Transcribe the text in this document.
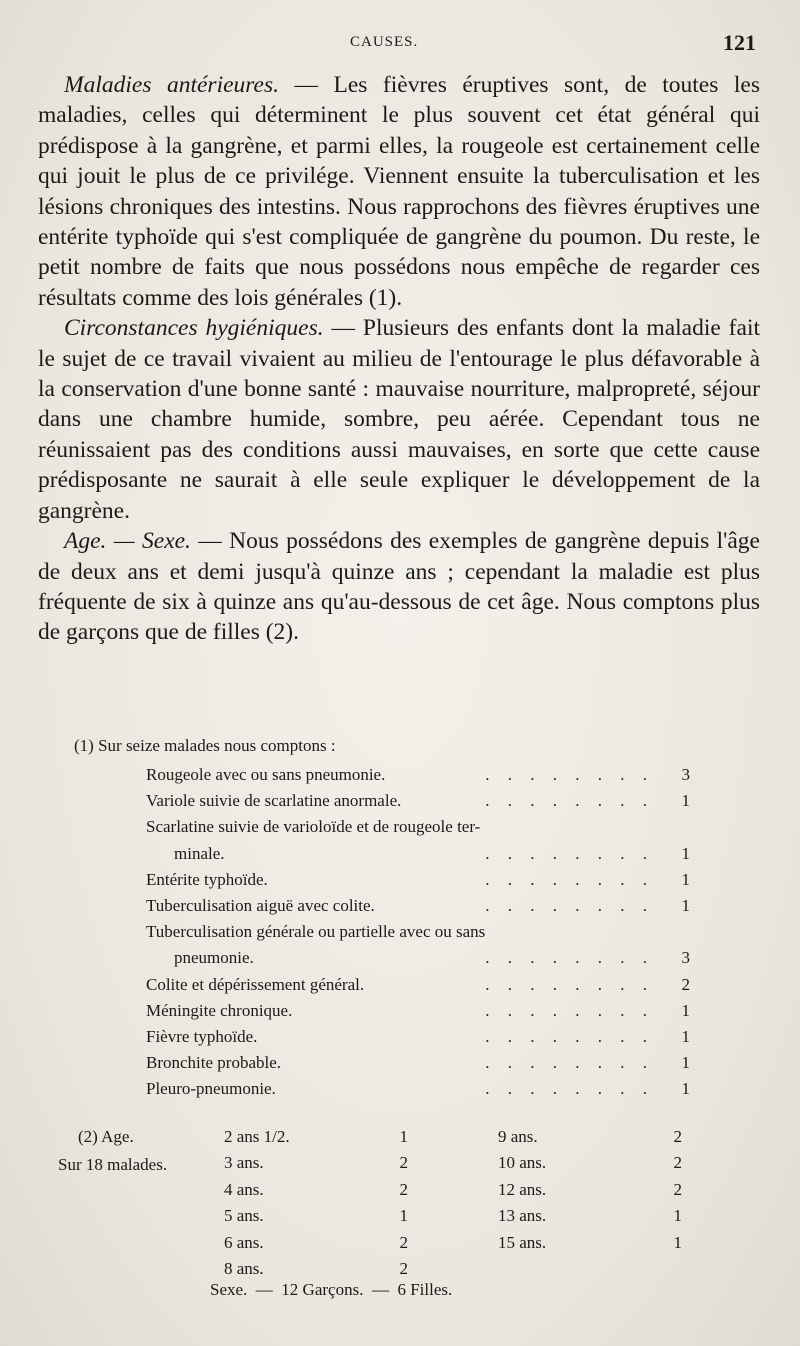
CAUSES.	121

Maladies antérieures. — Les fièvres éruptives sont, de toutes les maladies, celles qui déterminent le plus souvent cet état général qui prédispose à la gangrène, et parmi elles, la rougeole est certainement celle qui jouit le plus de ce privilége. Viennent ensuite la tuberculisation et les lésions chroniques des intestins. Nous rapprochons des fièvres éruptives une entérite typhoïde qui s'est compliquée de gangrène du poumon. Du reste, le petit nombre de faits que nous possédons nous empêche de regarder ces résultats comme des lois générales (1).

Circonstances hygiéniques. — Plusieurs des enfants dont la maladie fait le sujet de ce travail vivaient au milieu de l'entourage le plus défavorable à la conservation d'une bonne santé : mauvaise nourriture, malpropreté, séjour dans une chambre humide, sombre, peu aérée. Cependant tous ne réunissaient pas des conditions aussi mauvaises, en sorte que cette cause prédisposante ne saurait à elle seule expliquer le développement de la gangrène.

Age. — Sexe. — Nous possédons des exemples de gangrène depuis l'âge de deux ans et demi jusqu'à quinze ans ; cependant la maladie est plus fréquente de six à quinze ans qu'au-dessous de cet âge. Nous comptons plus de garçons que de filles (2).

(1) Sur seize malades nous comptons :

Rougeole avec ou sans pneumonie.	. . . . . . . . 3
Variole suivie de scarlatine anormale.	. . . . . . . . 1
Scarlatine suivie de varioloïde et de rougeole ter-
minale.	. . . . . . . . 1
Entérite typhoïde.	. . . . . . . . 1
Tuberculisation aiguë avec colite.	. . . . . . . . 1
Tuberculisation générale ou partielle avec ou sans
pneumonie.	. . . . . . . . 3
Colite et dépérissement général.	. . . . . . . . 2
Méningite chronique.	. . . . . . . . 1
Fièvre typhoïde.	. . . . . . . . 1
Bronchite probable.	. . . . . . . . 1
Pleuro-pneumonie.	. . . . . . . . 1
(2) Age.
Sur 18 malades.
2 ans 1/2.	1
3 ans.	2
4 ans.	2
5 ans.	1
6 ans.	2
8 ans.	2
9 ans.	2
10 ans.	2
12 ans.	2
13 ans.	1
15 ans.	1
Sexe.  —  12 Garçons.  —  6 Filles.
